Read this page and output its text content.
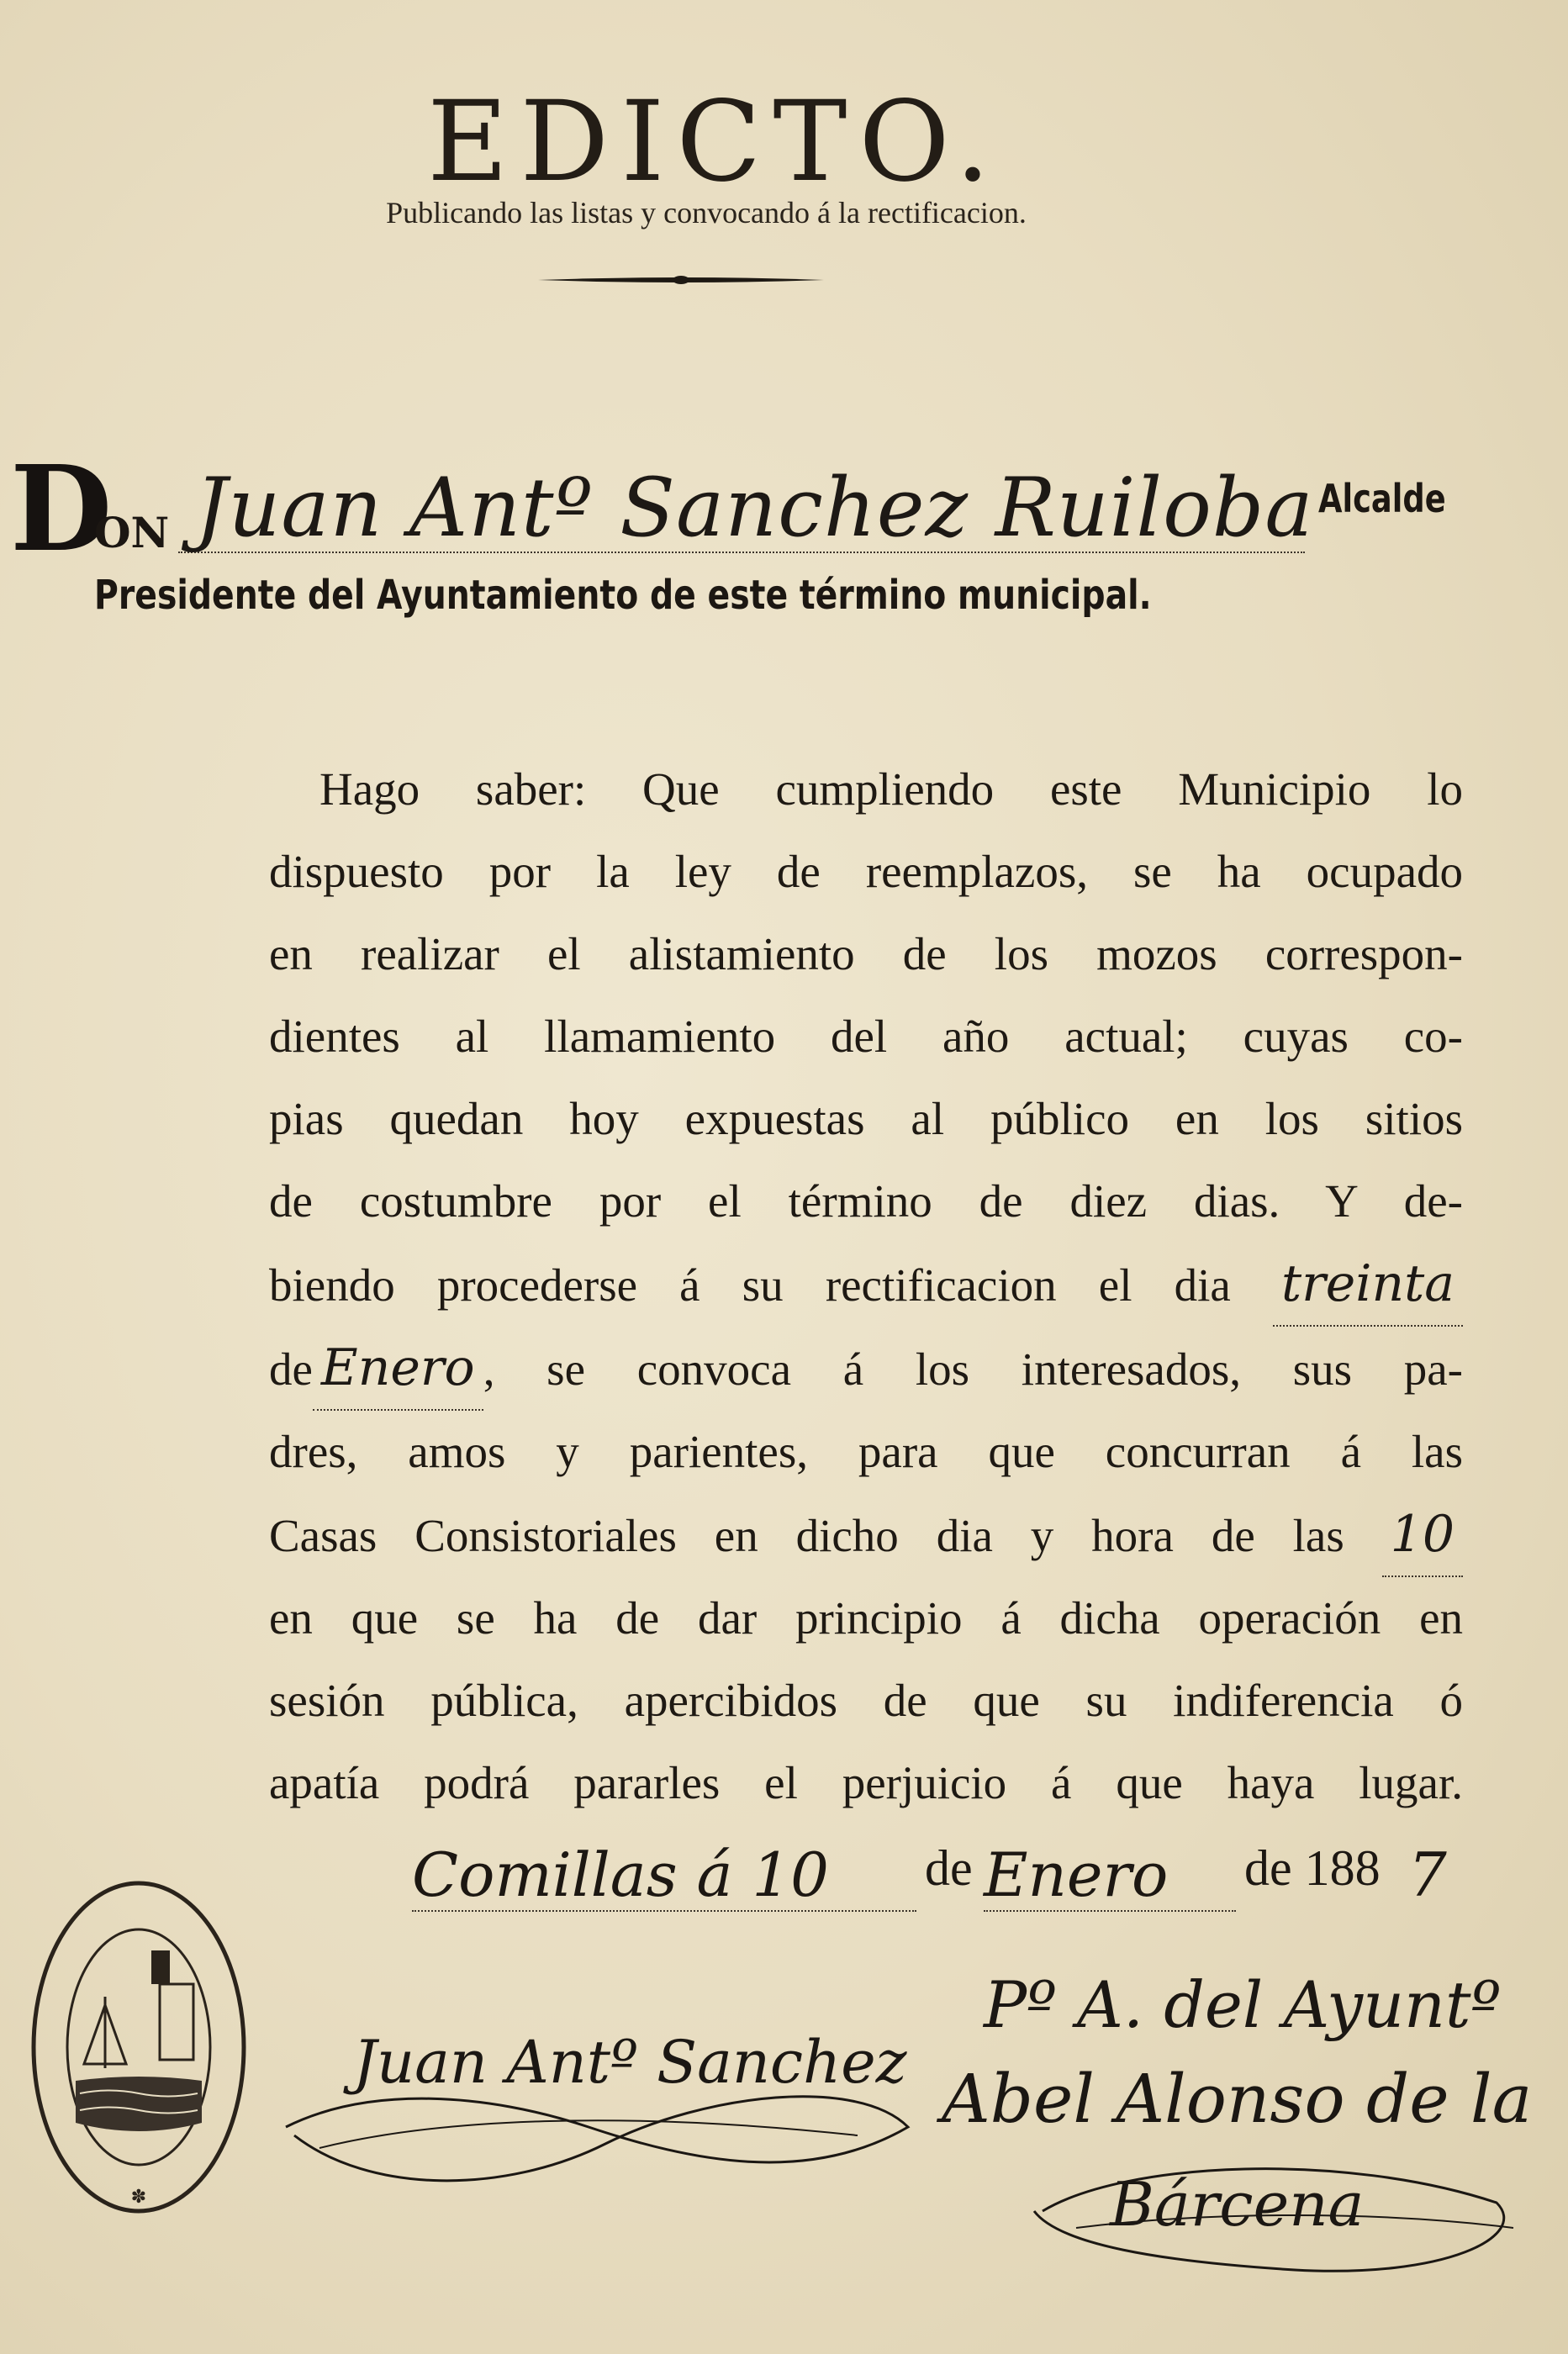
EDICTO.
Publicando las listas y convocando á la rectificacion.
D
ON Juan Antº Sanchez Ruiloba Alcalde
Presidente del Ayuntamiento de este término municipal.
Hago saber: Que cumpliendo este Municipio lo
dispuesto por la ley de reemplazos, se ha ocupado
en realizar el alistamiento de los mozos correspon-
dientes al llamamiento del año actual; cuyas co-
pias quedan hoy expuestas al público en los sitios
de costumbre por el término de diez dias. Y de-
biendo procederse á su rectificacion el dia treinta
de Enero , se convoca á los interesados, sus pa-
dres, amos y parientes, para que concurran á las
Casas Consistoriales en dicho dia y hora de las 10
en que se ha de dar principio á dicha operación en
sesión pública, apercibidos de que su indiferencia ó
apatía podrá pararles el perjuicio á que haya lugar.
Comillas á 10	de Enero	de 188 7
✽
Juan Antº Sanchez
Pº A. del Ayuntº
Abel Alonso de la
Bárcena
